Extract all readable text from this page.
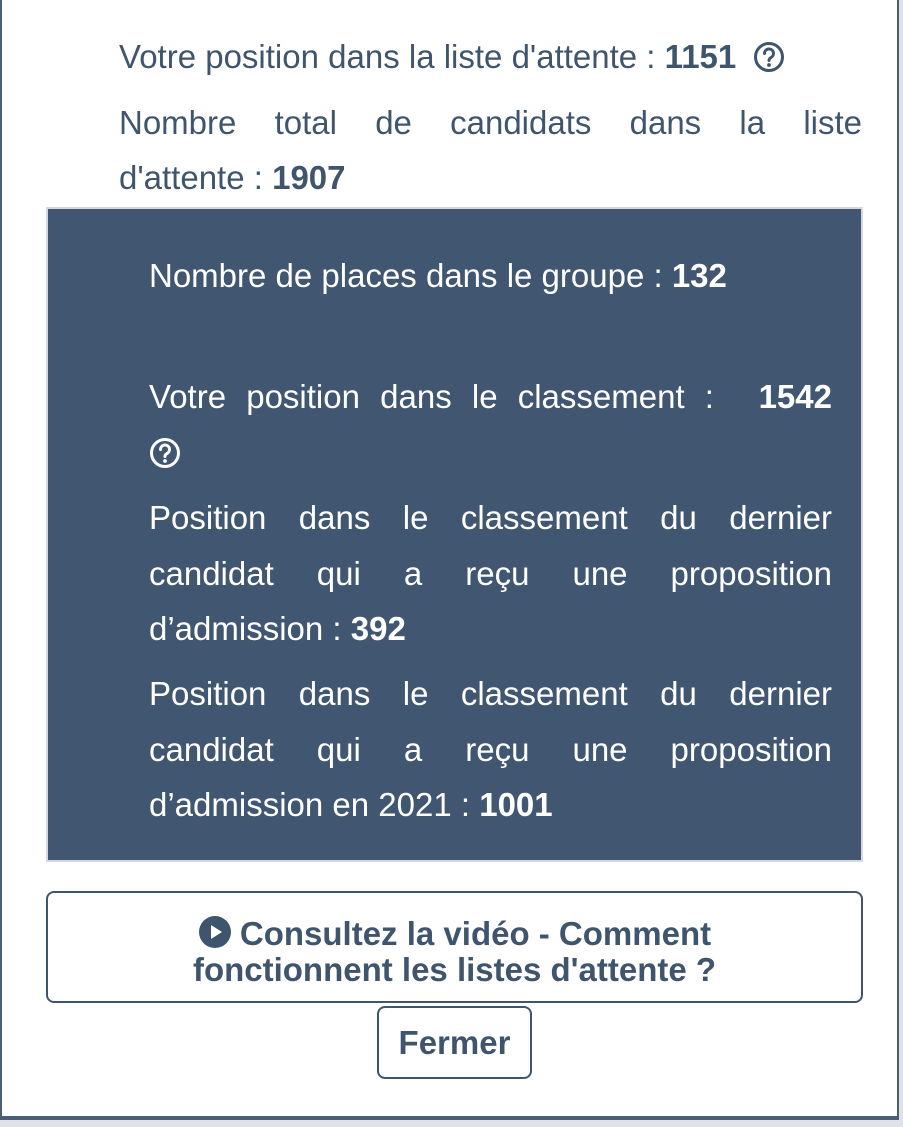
Votre position dans la liste d'attente : 1151
Nombre total de candidats dans la liste
d'attente : 1907
Nombre de places dans le groupe : 132
Votre position dans le classement : 1542
Position dans le classement du dernier
candidat qui a reçu une proposition
d’admission : 392
Position dans le classement du dernier
candidat qui a reçu une proposition
d’admission en 2021 : 1001
Consultez la vidéo - Comment
fonctionnent les listes d'attente ?
Fermer
